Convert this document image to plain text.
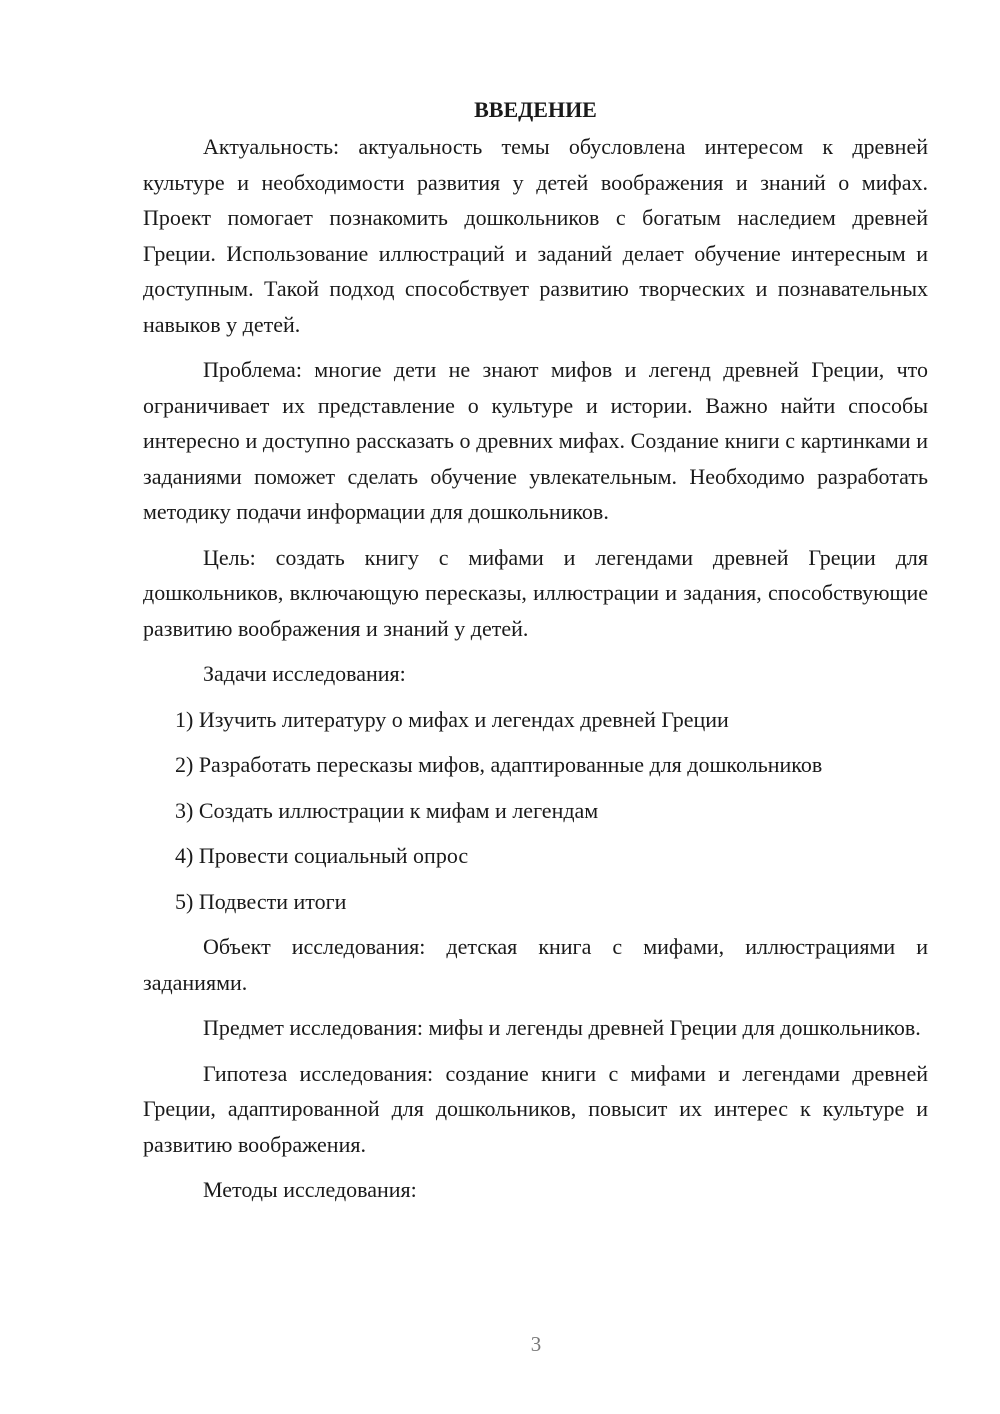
ВВЕДЕНИЕ

Актуальность: актуальность темы обусловлена интересом к древней культуре и необходимости развития у детей воображения и знаний о мифах. Проект помогает познакомить дошкольников с богатым наследием древней Греции. Использование иллюстраций и заданий делает обучение интересным и доступным. Такой подход способствует развитию творческих и познавательных навыков у детей.

Проблема: многие дети не знают мифов и легенд древней Греции, что ограничивает их представление о культуре и истории. Важно найти способы интересно и доступно рассказать о древних мифах. Создание книги с картинками и заданиями поможет сделать обучение увлекательным. Необходимо разработать методику подачи информации для дошкольников.

Цель: создать книгу с мифами и легендами древней Греции для дошкольников, включающую пересказы, иллюстрации и задания, способствующие развитию воображения и знаний у детей.

Задачи исследования:

1) Изучить литературу о мифах и легендах древней Греции
2) Разработать пересказы мифов, адаптированные для дошкольников
3) Создать иллюстрации к мифам и легендам
4) Провести социальный опрос
5) Подвести итоги

Объект исследования: детская книга с мифами, иллюстрациями и заданиями.

Предмет исследования: мифы и легенды древней Греции для дошкольников.

Гипотеза исследования: создание книги с мифами и легендами древней Греции, адаптированной для дошкольников, повысит их интерес к культуре и развитию воображения.

Методы исследования:

3
